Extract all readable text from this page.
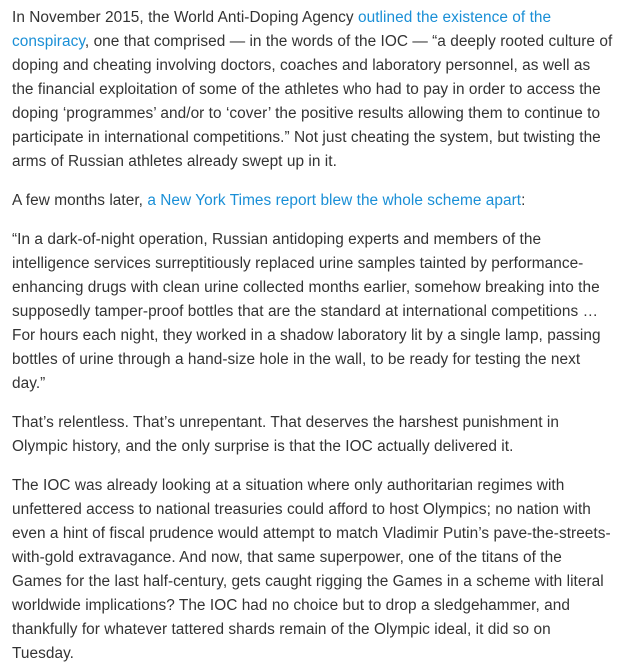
In November 2015, the World Anti-Doping Agency outlined the existence of the conspiracy, one that comprised — in the words of the IOC — “a deeply rooted culture of doping and cheating involving doctors, coaches and laboratory personnel, as well as the financial exploitation of some of the athletes who had to pay in order to access the doping ‘programmes’ and/or to ‘cover’ the positive results allowing them to continue to participate in international competitions.” Not just cheating the system, but twisting the arms of Russian athletes already swept up in it.

A few months later, a New York Times report blew the whole scheme apart:

“In a dark-of-night operation, Russian antidoping experts and members of the intelligence services surreptitiously replaced urine samples tainted by performance-enhancing drugs with clean urine collected months earlier, somehow breaking into the supposedly tamper-proof bottles that are the standard at international competitions … For hours each night, they worked in a shadow laboratory lit by a single lamp, passing bottles of urine through a hand-size hole in the wall, to be ready for testing the next day.”

That’s relentless. That’s unrepentant. That deserves the harshest punishment in Olympic history, and the only surprise is that the IOC actually delivered it.

The IOC was already looking at a situation where only authoritarian regimes with unfettered access to national treasuries could afford to host Olympics; no nation with even a hint of fiscal prudence would attempt to match Vladimir Putin’s pave-the-streets-with-gold extravagance. And now, that same superpower, one of the titans of the Games for the last half-century, gets caught rigging the Games in a scheme with literal worldwide implications? The IOC had no choice but to drop a sledgehammer, and thankfully for whatever tattered shards remain of the Olympic ideal, it did so on Tuesday.
